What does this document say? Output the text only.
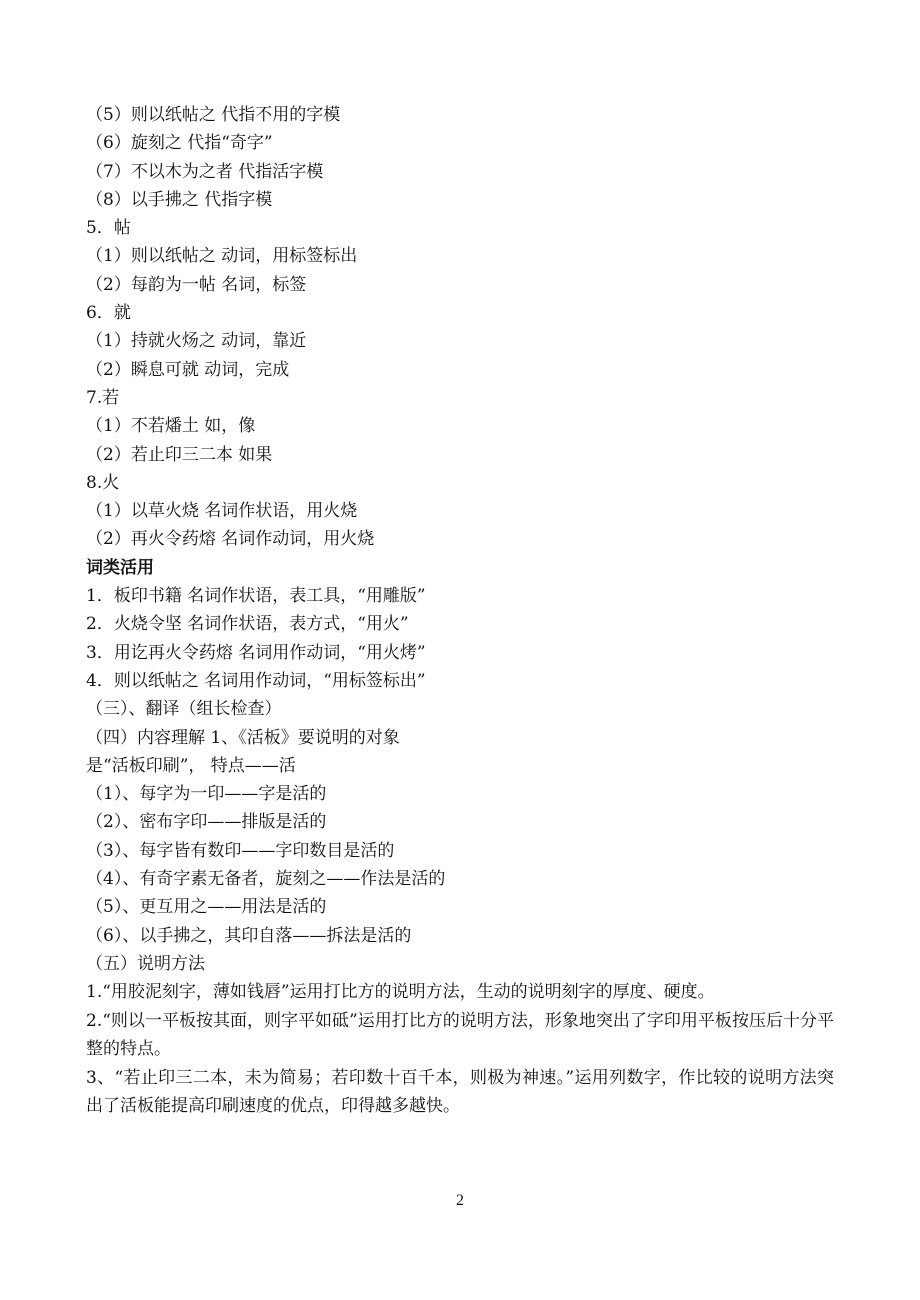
（5）则以纸帖之 代指不用的字模
（6）旋刻之 代指“奇字”
（7）不以木为之者 代指活字模
（8）以手拂之 代指字模
5．帖
（1）则以纸帖之 动词，用标签标出
（2）每韵为一帖 名词，标签
6．就
（1）持就火炀之 动词，靠近
（2）瞬息可就 动词，完成
7.若
（1）不若燔土 如，像
（2）若止印三二本 如果
8.火
（1）以草火烧 名词作状语，用火烧
（2）再火令药熔 名词作动词，用火烧
词类活用
1．板印书籍 名词作状语，表工具，“用雕版”
2．火烧令坚 名词作状语，表方式，“用火”
3．用讫再火令药熔 名词用作动词，“用火烤”
4．则以纸帖之 名词用作动词，“用标签标出”
（三）、翻译（组长检查）
（四）内容理解 1、《活板》要说明的对象
是“活板印刷”， 特点——活
（1）、每字为一印——字是活的
（2）、密布字印——排版是活的
（3）、每字皆有数印——字印数目是活的
（4）、有奇字素无备者，旋刻之——作法是活的
（5）、更互用之——用法是活的
（6）、以手拂之，其印自落——拆法是活的
（五）说明方法
1.“用胶泥刻字，薄如钱唇”运用打比方的说明方法，生动的说明刻字的厚度、硬度。
2.“则以一平板按其面，则字平如砥”运用打比方的说明方法，形象地突出了字印用平板按压后十分平整的特点。
3、“若止印三二本，未为简易；若印数十百千本，则极为神速。”运用列数字，作比较的说明方法突出了活板能提高印刷速度的优点，印得越多越快。
2
